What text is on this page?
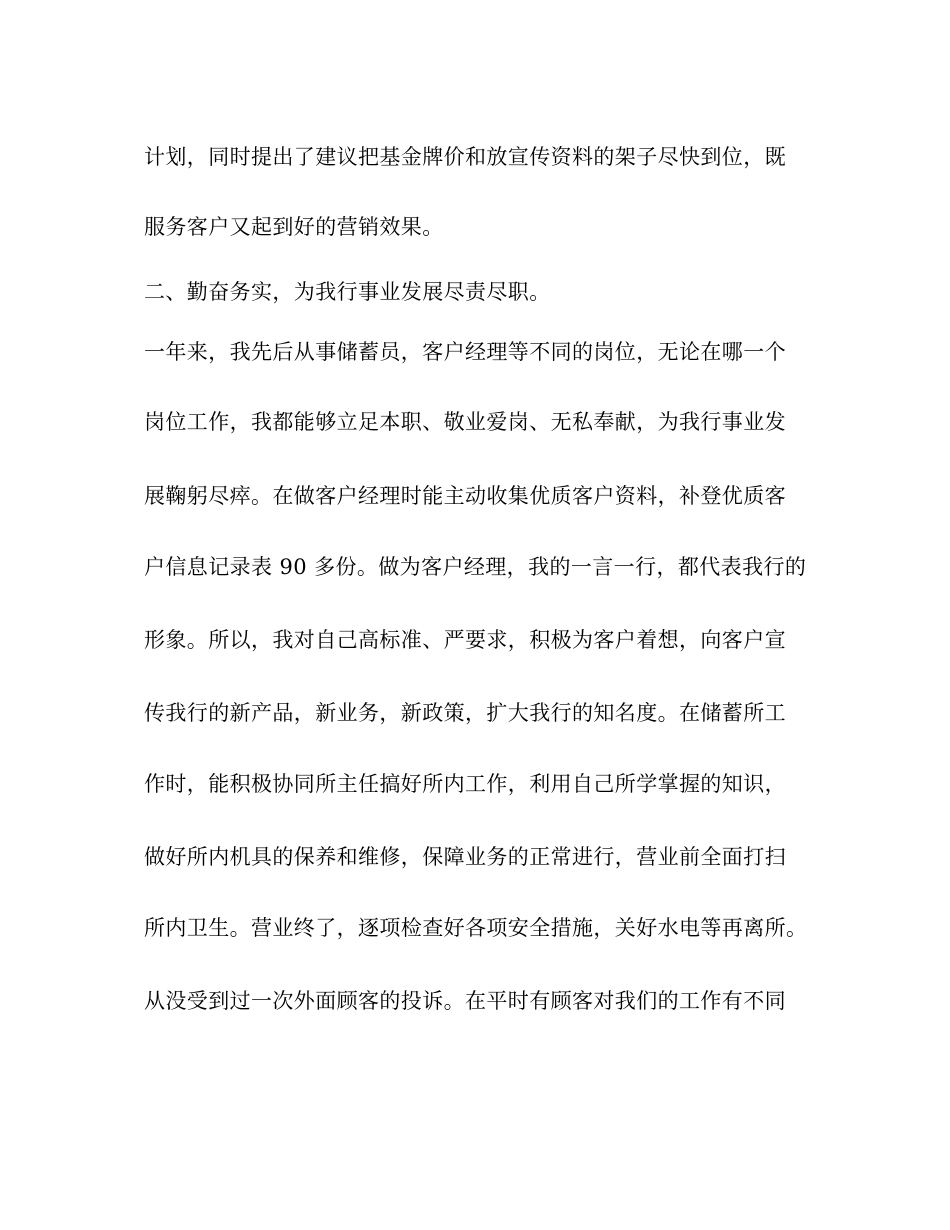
计划，同时提出了建议把基金牌价和放宣传资料的架子尽快到位，既

服务客户又起到好的营销效果。

二、勤奋务实，为我行事业发展尽责尽职。

一年来，我先后从事储蓄员，客户经理等不同的岗位，无论在哪一个

岗位工作，我都能够立足本职、敬业爱岗、无私奉献，为我行事业发

展鞠躬尽瘁。在做客户经理时能主动收集优质客户资料，补登优质客

户信息记录表 90 多份。做为客户经理，我的一言一行，都代表我行的

形象。所以，我对自己高标准、严要求，积极为客户着想，向客户宣

传我行的新产品，新业务，新政策，扩大我行的知名度。在储蓄所工

作时，能积极协同所主任搞好所内工作，利用自己所学掌握的知识，

做好所内机具的保养和维修，保障业务的正常进行，营业前全面打扫

所内卫生。营业终了，逐项检查好各项安全措施，关好水电等再离所。

从没受到过一次外面顾客的投诉。在平时有顾客对我们的工作有不同
